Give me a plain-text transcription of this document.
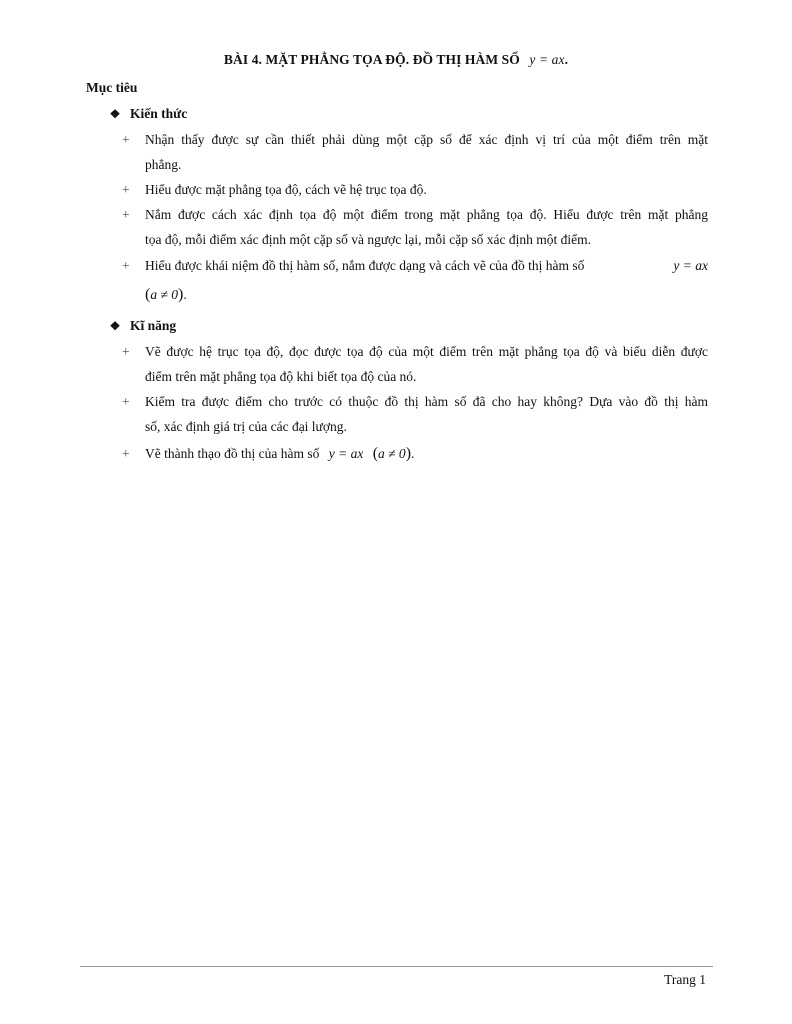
BÀI 4. MẶT PHẲNG TỌA ĐỘ. ĐỒ THỊ HÀM SỐ y = ax.
Mục tiêu
❖ Kiến thức
+	Nhận thấy được sự cần thiết phải dùng một cặp số để xác định vị trí của một điểm trên mặt
phẳng.
+	Hiểu được mặt phẳng tọa độ, cách vẽ hệ trục tọa độ.
+	Nắm được cách xác định tọa độ một điểm trong mặt phẳng tọa độ. Hiểu được trên mặt phẳng
tọa độ, mỗi điểm xác định một cặp số và ngược lại, mỗi cặp số xác định một điểm.
+	Hiểu được khái niệm đồ thị hàm số, nắm được dạng và cách vẽ của đồ thị hàm số	y = ax
(a ≠ 0).
❖ Kĩ năng
+	Vẽ được hệ trục tọa độ, đọc được tọa độ của một điểm trên mặt phẳng tọa độ và biểu diễn được
điểm trên mặt phẳng tọa độ khi biết tọa độ của nó.
+	Kiểm tra được điểm cho trước có thuộc đồ thị hàm số đã cho hay không? Dựa vào đồ thị hàm
số, xác định giá trị của các đại lượng.
+	Vẽ thành thạo đồ thị của hàm số y = ax (a ≠ 0).
Trang 1
